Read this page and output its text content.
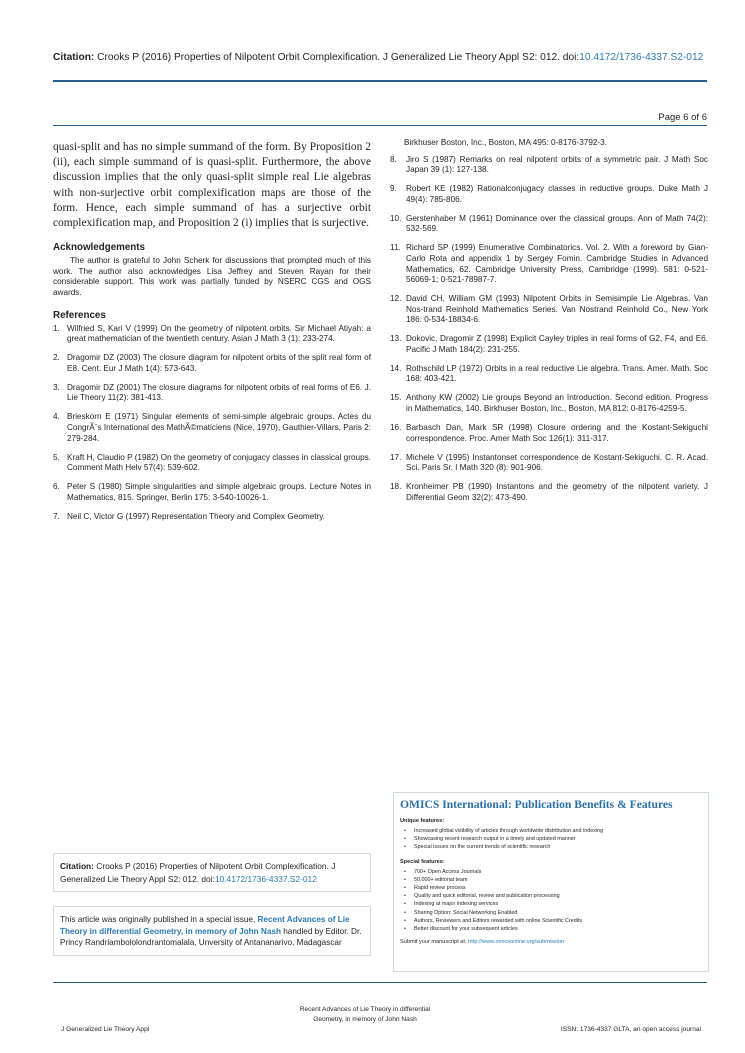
Citation: Crooks P (2016) Properties of Nilpotent Orbit Complexification. J Generalized Lie Theory Appl S2: 012. doi:10.4172/1736-4337.S2-012
Page 6 of 6

quasi-split and has no simple summand of the form. By Proposition 2 (ii), each simple summand of is quasi-split. Furthermore, the above discussion implies that the only quasi-split simple real Lie algebras with non-surjective orbit complexification maps are those of the form. Hence, each simple summand of has a surjective orbit complexification map, and Proposition 2 (i) implies that is surjective.

Acknowledgements

The author is grateful to John Scherk for discussions that prompted much of this work. The author also acknowledges Lisa Jeffrey and Steven Rayan for their considerable support. This work was partially funded by NSERC CGS and OGS awards.

References
1. Wilfried S, Kari V (1999) On the geometry of nilpotent orbits. Sir Michael Atiyah: a great mathematician of the twentieth century. Asian J Math 3 (1): 233-274.
2. Dragomir DZ (2003) The closure diagram for nilpotent orbits of the split real form of E8. Cent. Eur J Math 1(4): 573-643.
3. Dragomir DZ (2001) The closure diagrams for nilpotent orbits of real forms of E6. J. Lie Theory 11(2): 381-413.
4. Brieskorn E (1971) Singular elements of semi-simple algebraic groups. Actes du CongrÃ¨s International des MathÃ©maticiens (Nice, 1970), Gauthier-Villars, Paris 2: 279-284.
5. Kraft H, Claudio P (1982) On the geometry of conjugacy classes in classical groups. Comment Math Helv 57(4): 539-602.
6. Peter S (1980) Simple singularities and simple algebraic groups. Lecture Notes in Mathematics, 815. Springer, Berlin 175: 3-540-10026-1.
7. Neil C, Victor G (1997) Representation Theory and Complex Geometry.
Birkhuser Boston, Inc., Boston, MA 495: 0-8176-3792-3.
8.	Jiro S (1987) Remarks on real nilpotent orbits of a symmetric pair. J Math Soc Japan 39 (1): 127-138.
9.	Robert KE (1982) Rationalconjugacy classes in reductive groups. Duke Math J 49(4): 785-806.
10. Gerstenhaber M (1961) Dominance over the classical groups. Ann of Math 74(2): 532-569.
11. Richard SP (1999) Enumerative Combinatorics. Vol. 2. With a foreword by Gian-Carlo Rota and appendix 1 by Sergey Fomin. Cambridge Studies in Advanced Mathematics, 62. Cambridge University Press, Cambridge (1999). 581: 0-521-56069-1; 0-521-78987-7.
12. David CH, William GM (1993) Nilpotent Orbits in Semisimple Lie Algebras. Van Nos-trand Reinhold Mathematics Series. Van Nostrand Reinhold Co., New York 186: 0-534-18834-6.
13. Dokovic, Dragomir Z (1998) Explicit Cayley triples in real forms of G2, F4, and E6. Pacific J Math 184(2): 231-255.
14. Rothschild LP (1972) Orbits in a real reductive Lie algebra. Trans. Amer. Math. Soc 168: 403-421.
15. Anthony KW (2002) Lie groups Beyond an Introduction. Second edition. Progress in Mathematics, 140. Birkhuser Boston, Inc., Boston, MA 812: 0-8176-4259-5.
16. Barbasch Dan, Mark SR (1998) Closure ordering and the Kostant-Sekiguchi correspondence. Proc. Amer Math Soc 126(1): 311-317.
17. Michele V (1995) Instantonset correspondence de Kostant-Sekiguchi. C. R. Acad. Sci. Paris Sr. I Math 320 (8): 901-906.
18. Kronheimer PB (1990) Instantons and the geometry of the nilpotent variety. J Differential Geom 32(2): 473-490.
Citation: Crooks P (2016) Properties of Nilpotent Orbit Complexification. J Generalized Lie Theory Appl S2: 012. doi:10.4172/1736-4337.S2-012
This article was originally published in a special issue, Recent Advances of Lie Theory in differential Geometry, in memory of John Nash handled by Editor. Dr. Princy Randriambololondrantomalala, Unversity of Antananarivo, Madagascar
OMICS International: Publication Benefits & Features
Unique features:
• Increased global visibility of articles through worldwide distribution and indexing
• Showcasing recent research output in a timely and updated manner
• Special issues on the current trends of scientific research
Special features:
• 700+ Open Access Journals
• 50,000+ editorial team
• Rapid review process
• Quality and quick editorial, review and publication processing
• Indexing at major indexing services
• Sharing Option: Social Networking Enabled
• Authors, Reviewers and Editors rewarded with online Scientific Credits
• Better discount for your subsequent articles
Submit your manuscript at: http://www.omicsonline.org/submission
J Generalized Lie Theory Appl
Recent Advances of Lie Theory in differential Geometry, in memory of John Nash
ISSN: 1736-4337 GLTA, an open access journal
